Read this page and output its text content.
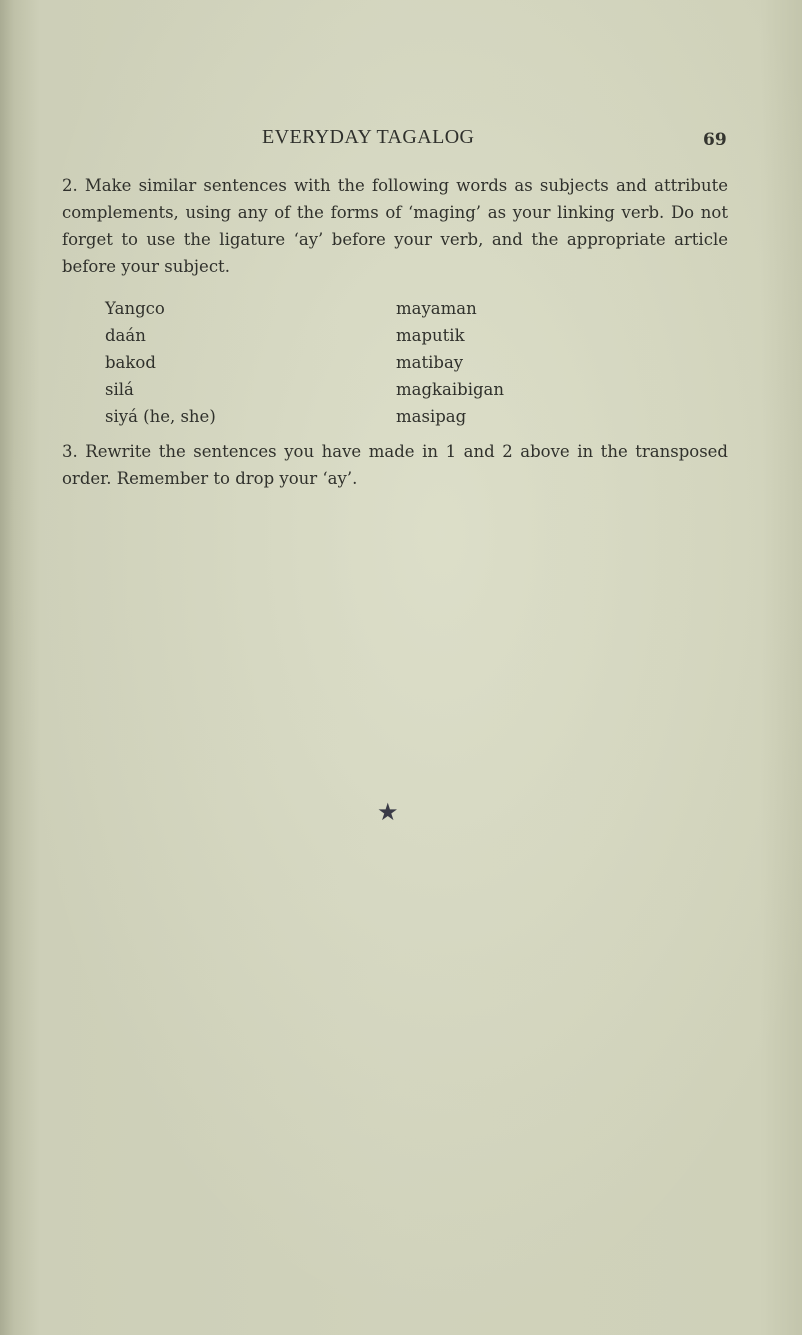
EVERYDAY TAGALOG	69

2. Make similar sentences with the following words as subjects and attribute complements, using any of the forms of ‘maging’ as your linking verb. Do not forget to use the ligature ‘ay’ before your verb, and the appropriate article before your subject.

Yangco	mayaman
daán	maputik
bakod	matibay
silá	magkaibigan
siyá (he, she)	masipag

3. Rewrite the sentences you have made in 1 and 2 above in the transposed order. Remember to drop your ‘ay’.

★
